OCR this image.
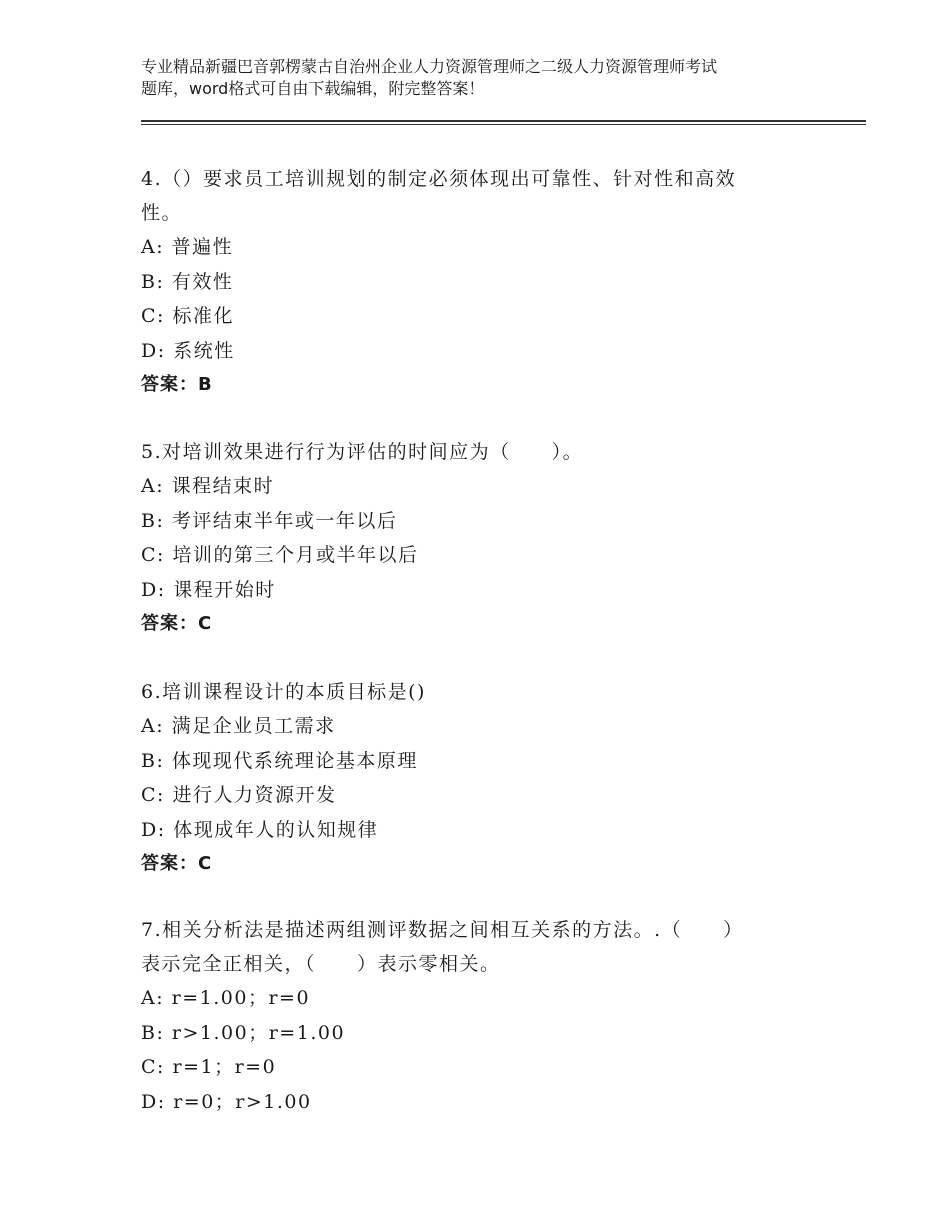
专业精品新疆巴音郭楞蒙古自治州企业人力资源管理师之二级人力资源管理师考试
题库，word格式可自由下载编辑，附完整答案！

4.（）要求员工培训规划的制定必须体现出可靠性、针对性和高效

性。

A: 普遍性

B: 有效性

C: 标准化

D: 系统性

答案：B

5.对培训效果进行行为评估的时间应为（　　）。

A: 课程结束时

B: 考评结束半年或一年以后

C: 培训的第三个月或半年以后

D: 课程开始时

答案：C

6.培训课程设计的本质目标是()

A: 满足企业员工需求

B: 体现现代系统理论基本原理

C: 进行人力资源开发

D: 体现成年人的认知规律

答案：C

7.相关分析法是描述两组测评数据之间相互关系的方法。.（　　）

表示完全正相关，（　　）表示零相关。

A: r=1.00；r=0

B: r>1.00；r=1.00

C: r=1；r=0

D: r=0；r>1.00
